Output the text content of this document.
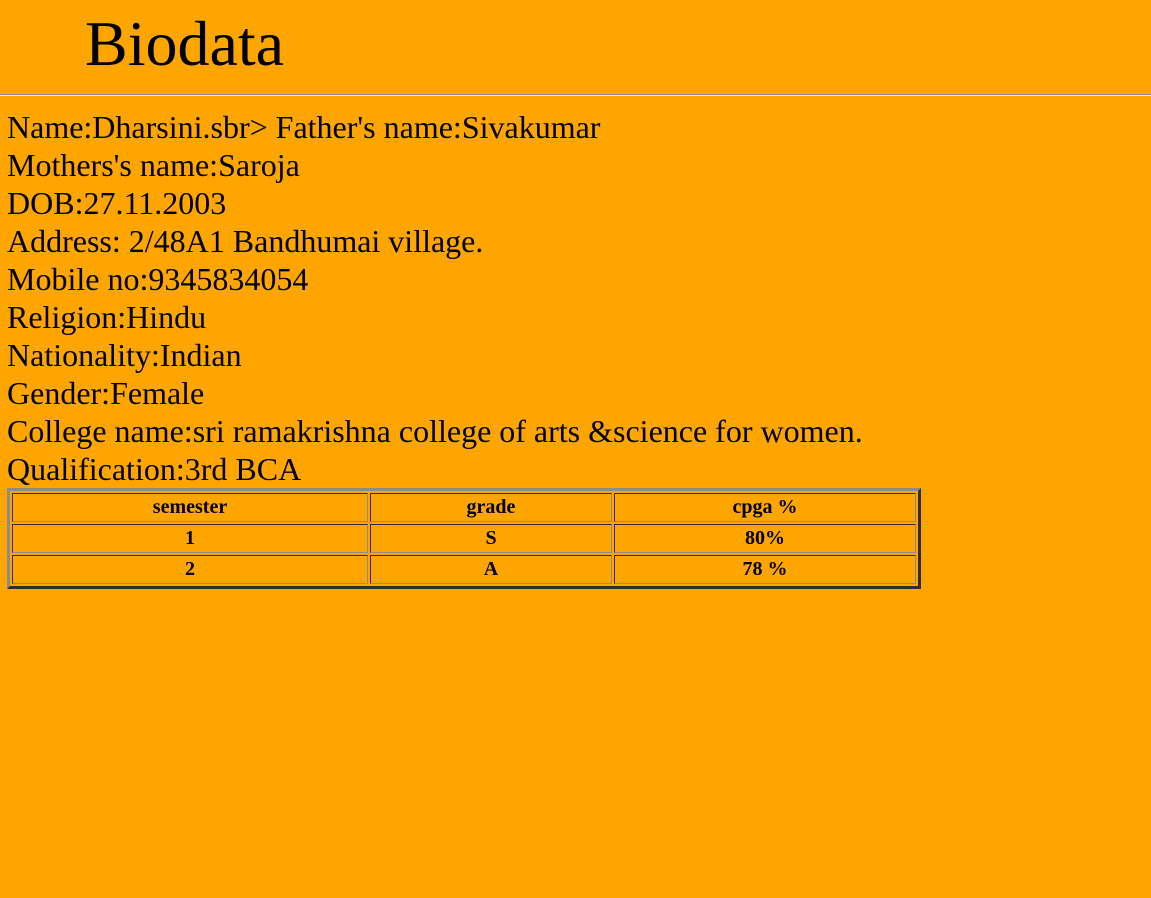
Biodata
Name:Dharsini.sbr> Father's name:Sivakumar
Mothers's name:Saroja
DOB:27.11.2003
Address: 2/48A1 Bandhumai village.
Mobile no:9345834054
Religion:Hindu
Nationality:Indian
Gender:Female
College name:sri ramakrishna college of arts &science for women.
Qualification:3rd BCA
semester	grade	cpga %
1	S	80%
2	A	78 %
